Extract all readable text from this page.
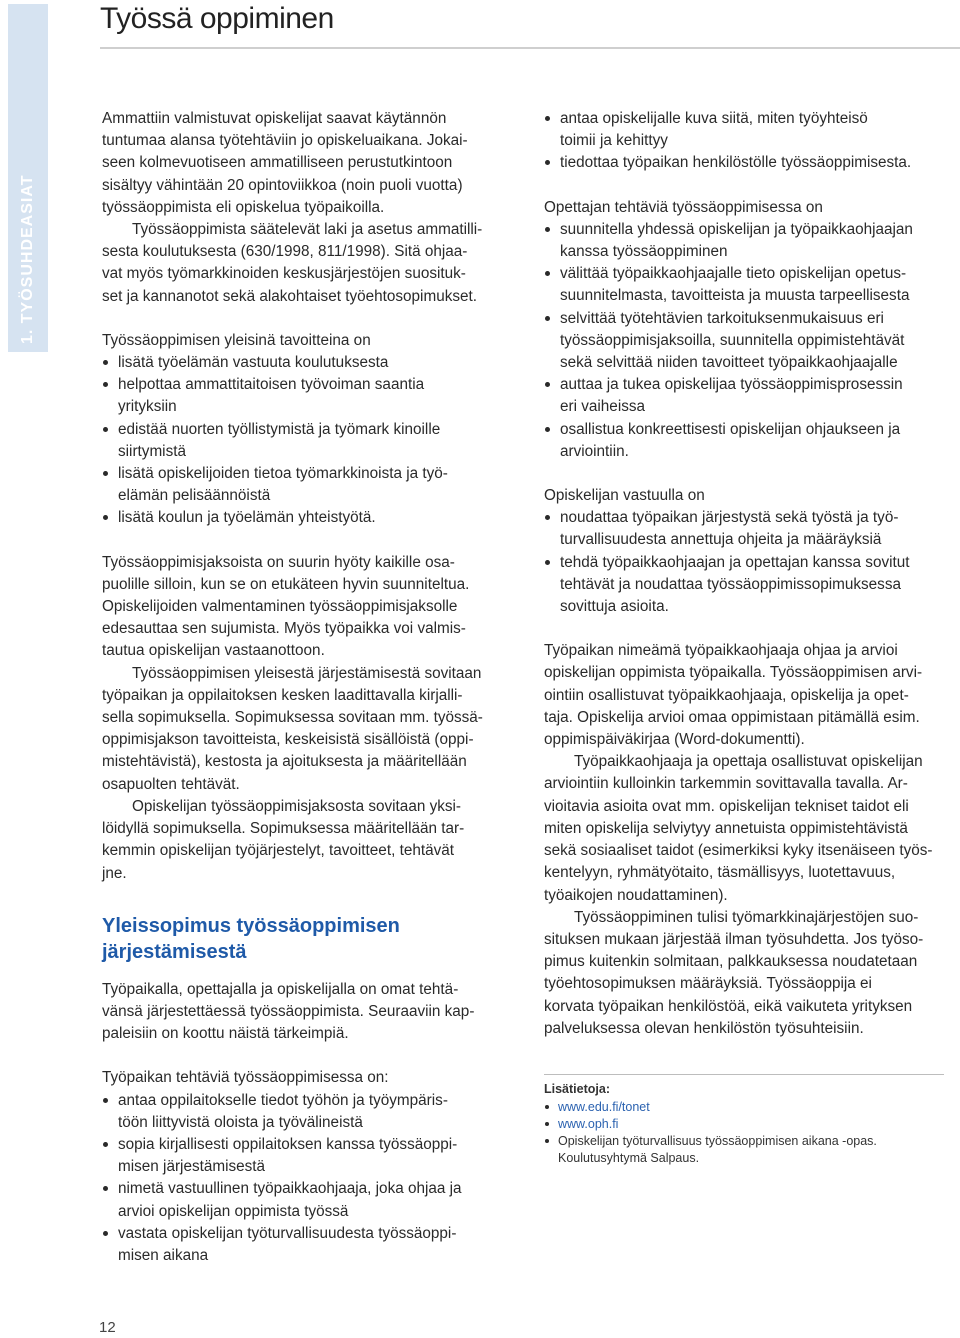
1. TYÖSUHDEASIAT
Työssä oppiminen

Ammattiin valmistuvat opiskelijat saavat käytännön
tuntumaa alansa työtehtäviin jo opiskeluaikana. Jokai-
seen kolmevuotiseen ammatilliseen perustutkintoon
sisältyy vähintään 20 opintoviikkoa (noin puoli vuotta)
työssäoppimista eli opiskelua työpaikoilla.

Työssäoppimista säätelevät laki ja asetus ammatilli-

sesta koulutuksesta (630/1998, 811/1998). Sitä ohjaa-
vat myös työmarkkinoiden keskusjärjestöjen suosituk-
set ja kannanotot sekä alakohtaiset työehtosopimukset.

Työssäoppimisen yleisinä tavoitteina on

lisätä työelämän vastuuta koulutuksesta
helpottaa ammattitaitoisen työvoiman saantia
yrityksiin
edistää nuorten työllistymistä ja työmark kinoille
siirtymistä
lisätä opiskelijoiden tietoa työmarkkinoista ja työ-
elämän pelisäännöistä
lisätä koulun ja työelämän yhteistyötä.

Työssäoppimisjaksoista on suurin hyöty kaikille osa-
puolille silloin, kun se on etukäteen hyvin suunniteltua.
Opiskelijoiden valmentaminen työssäoppimisjaksolle
edesauttaa sen sujumista. Myös työpaikka voi valmis-
tautua opiskelijan vastaanottoon.

Työssäoppimisen yleisestä järjestämisestä sovitaan
työpaikan ja oppilaitoksen kesken laadittavalla kirjalli-
sella sopimuksella. Sopimuksessa sovitaan mm. työssä-
oppimisjakson tavoitteista, keskeisistä sisällöistä (oppi-
mistehtävistä), kestosta ja ajoituksesta ja määritellään
osapuolten tehtävät.

Opiskelijan työssäoppimisjaksosta sovitaan yksi-
löidyllä sopimuksella. Sopimuksessa määritellään tar-
kemmin opiskelijan työjärjestelyt, tavoitteet, tehtävät
jne.

Yleissopimus työssäoppimisen järjestämisestä

Työpaikalla, opettajalla ja opiskelijalla on omat tehtä-
vänsä järjestettäessä työssäoppimista. Seuraaviin kap-
paleisiin on koottu näistä tärkeimpiä.

Työpaikan tehtäviä työssäoppimisessa on:

antaa oppilaitokselle tiedot työhön ja työympäris-
töön liittyvistä oloista ja työvälineistä
sopia kirjallisesti oppilaitoksen kanssa työssäoppi-
misen järjestämisestä
nimetä vastuullinen työpaikkaohjaaja, joka ohjaa ja
arvioi opiskelijan oppimista työssä
vastata opiskelijan työturvallisuudesta työssäoppi-
misen aikana
antaa opiskelijalle kuva siitä, miten työyhteisö
toimii ja kehittyy
tiedottaa työpaikan henkilöstölle työssäoppimisesta.

Opettajan tehtäviä työssäoppimisessa on

suunnitella yhdessä opiskelijan ja työpaikkaohjaajan
kanssa työssäoppiminen
välittää työpaikkaohjaajalle tieto opiskelijan opetus-
suunnitelmasta, tavoitteista ja muusta tarpeellisesta
selvittää työtehtävien tarkoituksenmukaisuus eri
työssäoppimisjaksoilla, suunnitella oppimistehtävät
sekä selvittää niiden tavoitteet työpaikkaohjaajalle
auttaa ja tukea opiskelijaa työssäoppimisprosessin
eri vaiheissa
osallistua konkreettisesti opiskelijan ohjaukseen ja
arviointiin.

Opiskelijan vastuulla on

noudattaa työpaikan järjestystä sekä työstä ja työ-
turvallisuudesta annettuja ohjeita ja määräyksiä
tehdä työpaikkaohjaajan ja opettajan kanssa sovitut
tehtävät ja noudattaa työssäoppimissopimuksessa
sovittuja asioita.

Työpaikan nimeämä työpaikkaohjaaja ohjaa ja arvioi
opiskelijan oppimista työpaikalla. Työssäoppimisen arvi-
ointiin osallistuvat työpaikkaohjaaja, opiskelija ja opet-
taja. Opiskelija arvioi omaa oppimistaan pitämällä esim.
oppimispäiväkirjaa (Word-dokumentti).

Työpaikkaohjaaja ja opettaja osallistuvat opiskelijan
arviointiin kulloinkin tarkemmin sovittavalla tavalla. Ar-
vioitavia asioita ovat mm. opiskelijan tekniset taidot eli
miten opiskelija selviytyy annetuista oppimistehtävistä
sekä sosiaaliset taidot (esimerkiksi kyky itsenäiseen työs-
kentelyyn, ryhmätyötaito, täsmällisyys, luotettavuus,
työaikojen noudattaminen).

Työssäoppiminen tulisi työmarkkinajärjestöjen suo-
situksen mukaan järjestää ilman työsuhdetta. Jos työso-
pimus kuitenkin solmitaan, palkkauksessa noudatetaan
työehtosopimuksen määräyksiä. Työssäoppija ei
korvata työpaikan henkilöstöä, eikä vaikuteta yrityksen
palveluksessa olevan henkilöstön työsuhteisiin.

Lisätietoja:

www.edu.fi/tonet
www.oph.fi
Opiskelijan työturvallisuus työssäoppimisen aikana -opas.
Koulutusyhtymä Salpaus.
12
